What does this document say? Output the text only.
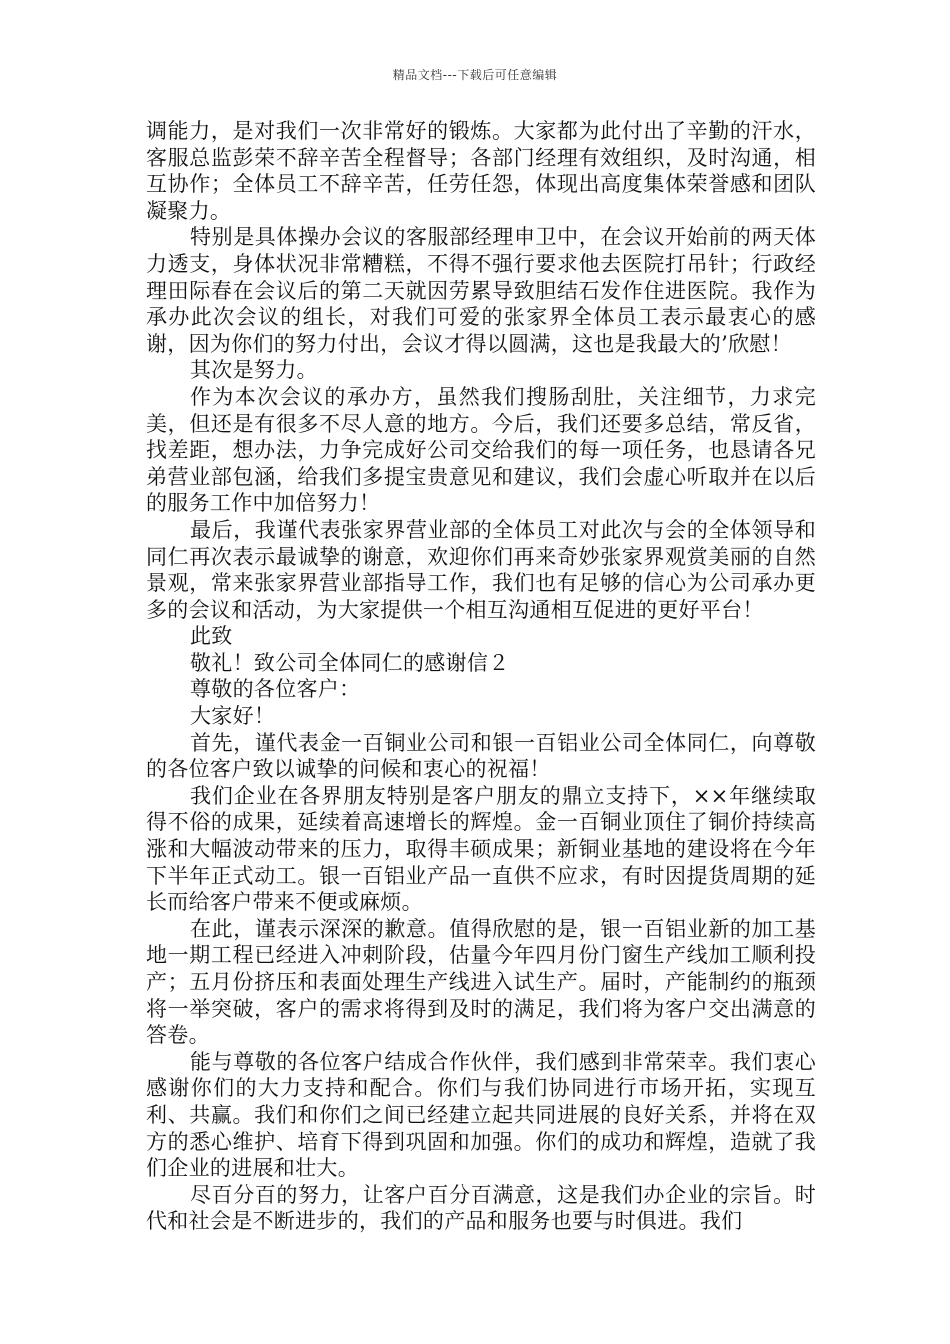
精品文档---下载后可任意编辑

调能力，是对我们一次非常好的锻炼。大家都为此付出了辛勤的汗水，客服总监彭荣不辞辛苦全程督导；各部门经理有效组织，及时沟通，相互协作；全体员工不辞辛苦，任劳任怨，体现出高度集体荣誉感和团队凝聚力。

特别是具体操办会议的客服部经理申卫中，在会议开始前的两天体力透支，身体状况非常糟糕，不得不强行要求他去医院打吊针；行政经理田际春在会议后的第二天就因劳累导致胆结石发作住进医院。我作为承办此次会议的组长，对我们可爱的张家界全体员工表示最衷心的感谢，因为你们的努力付出，会议才得以圆满，这也是我最大的’欣慰！

其次是努力。

作为本次会议的承办方，虽然我们搜肠刮肚，关注细节，力求完美，但还是有很多不尽人意的地方。今后，我们还要多总结，常反省，找差距，想办法，力争完成好公司交给我们的每一项任务，也恳请各兄弟营业部包涵，给我们多提宝贵意见和建议，我们会虚心听取并在以后的服务工作中加倍努力！

最后，我谨代表张家界营业部的全体员工对此次与会的全体领导和同仁再次表示最诚挚的谢意，欢迎你们再来奇妙张家界观赏美丽的自然景观，常来张家界营业部指导工作，我们也有足够的信心为公司承办更多的会议和活动，为大家提供一个相互沟通相互促进的更好平台！

此致

敬礼！致公司全体同仁的感谢信２

尊敬的各位客户：

大家好！

首先，谨代表金一百铜业公司和银一百铝业公司全体同仁，向尊敬的各位客户致以诚挚的问候和衷心的祝福！

我们企业在各界朋友特别是客户朋友的鼎立支持下，××年继续取得不俗的成果，延续着高速增长的辉煌。金一百铜业顶住了铜价持续高涨和大幅波动带来的压力，取得丰硕成果；新铜业基地的建设将在今年下半年正式动工。银一百铝业产品一直供不应求，有时因提货周期的延长而给客户带来不便或麻烦。

在此，谨表示深深的歉意。值得欣慰的是，银一百铝业新的加工基地一期工程已经进入冲刺阶段，估量今年四月份门窗生产线加工顺利投产；五月份挤压和表面处理生产线进入试生产。届时，产能制约的瓶颈将一举突破，客户的需求将得到及时的满足，我们将为客户交出满意的答卷。

能与尊敬的各位客户结成合作伙伴，我们感到非常荣幸。我们衷心感谢你们的大力支持和配合。你们与我们协同进行市场开拓，实现互利、共赢。我们和你们之间已经建立起共同进展的良好关系，并将在双方的悉心维护、培育下得到巩固和加强。你们的成功和辉煌，造就了我们企业的进展和壮大。

尽百分百的努力，让客户百分百满意，这是我们办企业的宗旨。时代和社会是不断进步的，我们的产品和服务也要与时俱进。我们
